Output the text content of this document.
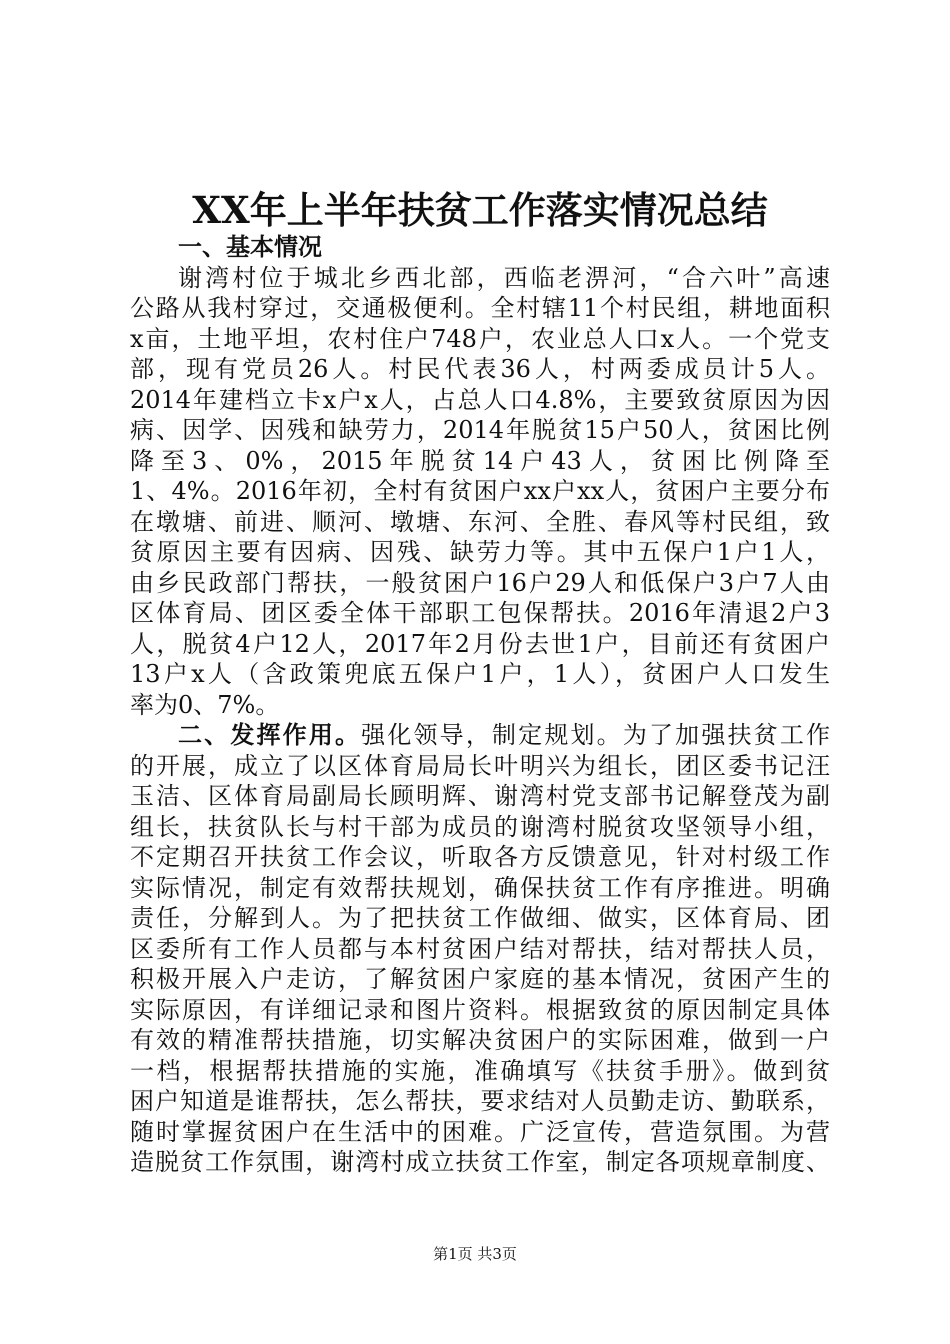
XX年上半年扶贫工作落实情况总结
一、基本情况
谢湾村位于城北乡西北部，西临老淠河，“合六叶”高速
公路从我村穿过，交通极便利。全村辖11个村民组，耕地面积
x亩，土地平坦，农村住户748户，农业总人口x人。一个党支
部，现有党员26人。村民代表36人，村两委成员计5人。
2014年建档立卡x户x人，占总人口4.8%，主要致贫原因为因
病、因学、因残和缺劳力，2014年脱贫15户50人，贫困比例
降至3、0%，2015年脱贫14户43人，贫困比例降至
1、4%。2016年初，全村有贫困户xx户xx人，贫困户主要分布
在墩塘、前进、顺河、墩塘、东河、全胜、春风等村民组，致
贫原因主要有因病、因残、缺劳力等。其中五保户1户1人，
由乡民政部门帮扶，一般贫困户16户29人和低保户3户7人由
区体育局、团区委全体干部职工包保帮扶。2016年清退2户3
人，脱贫4户12人，2017年2月份去世1户，目前还有贫困户
13户x人（含政策兜底五保户1户，1人），贫困户人口发生
率为0、7%。
二、发挥作用。强化领导，制定规划。为了加强扶贫工作
的开展，成立了以区体育局局长叶明兴为组长，团区委书记汪
玉洁、区体育局副局长顾明辉、谢湾村党支部书记解登茂为副
组长，扶贫队长与村干部为成员的谢湾村脱贫攻坚领导小组，
不定期召开扶贫工作会议，听取各方反馈意见，针对村级工作
实际情况，制定有效帮扶规划，确保扶贫工作有序推进。明确
责任，分解到人。为了把扶贫工作做细、做实，区体育局、团
区委所有工作人员都与本村贫困户结对帮扶，结对帮扶人员，
积极开展入户走访，了解贫困户家庭的基本情况，贫困产生的
实际原因，有详细记录和图片资料。根据致贫的原因制定具体
有效的精准帮扶措施，切实解决贫困户的实际困难，做到一户
一档，根据帮扶措施的实施，准确填写《扶贫手册》。做到贫
困户知道是谁帮扶，怎么帮扶，要求结对人员勤走访、勤联系，
随时掌握贫困户在生活中的困难。广泛宣传，营造氛围。为营
造脱贫工作氛围，谢湾村成立扶贫工作室，制定各项规章制度、
第1页 共3页
